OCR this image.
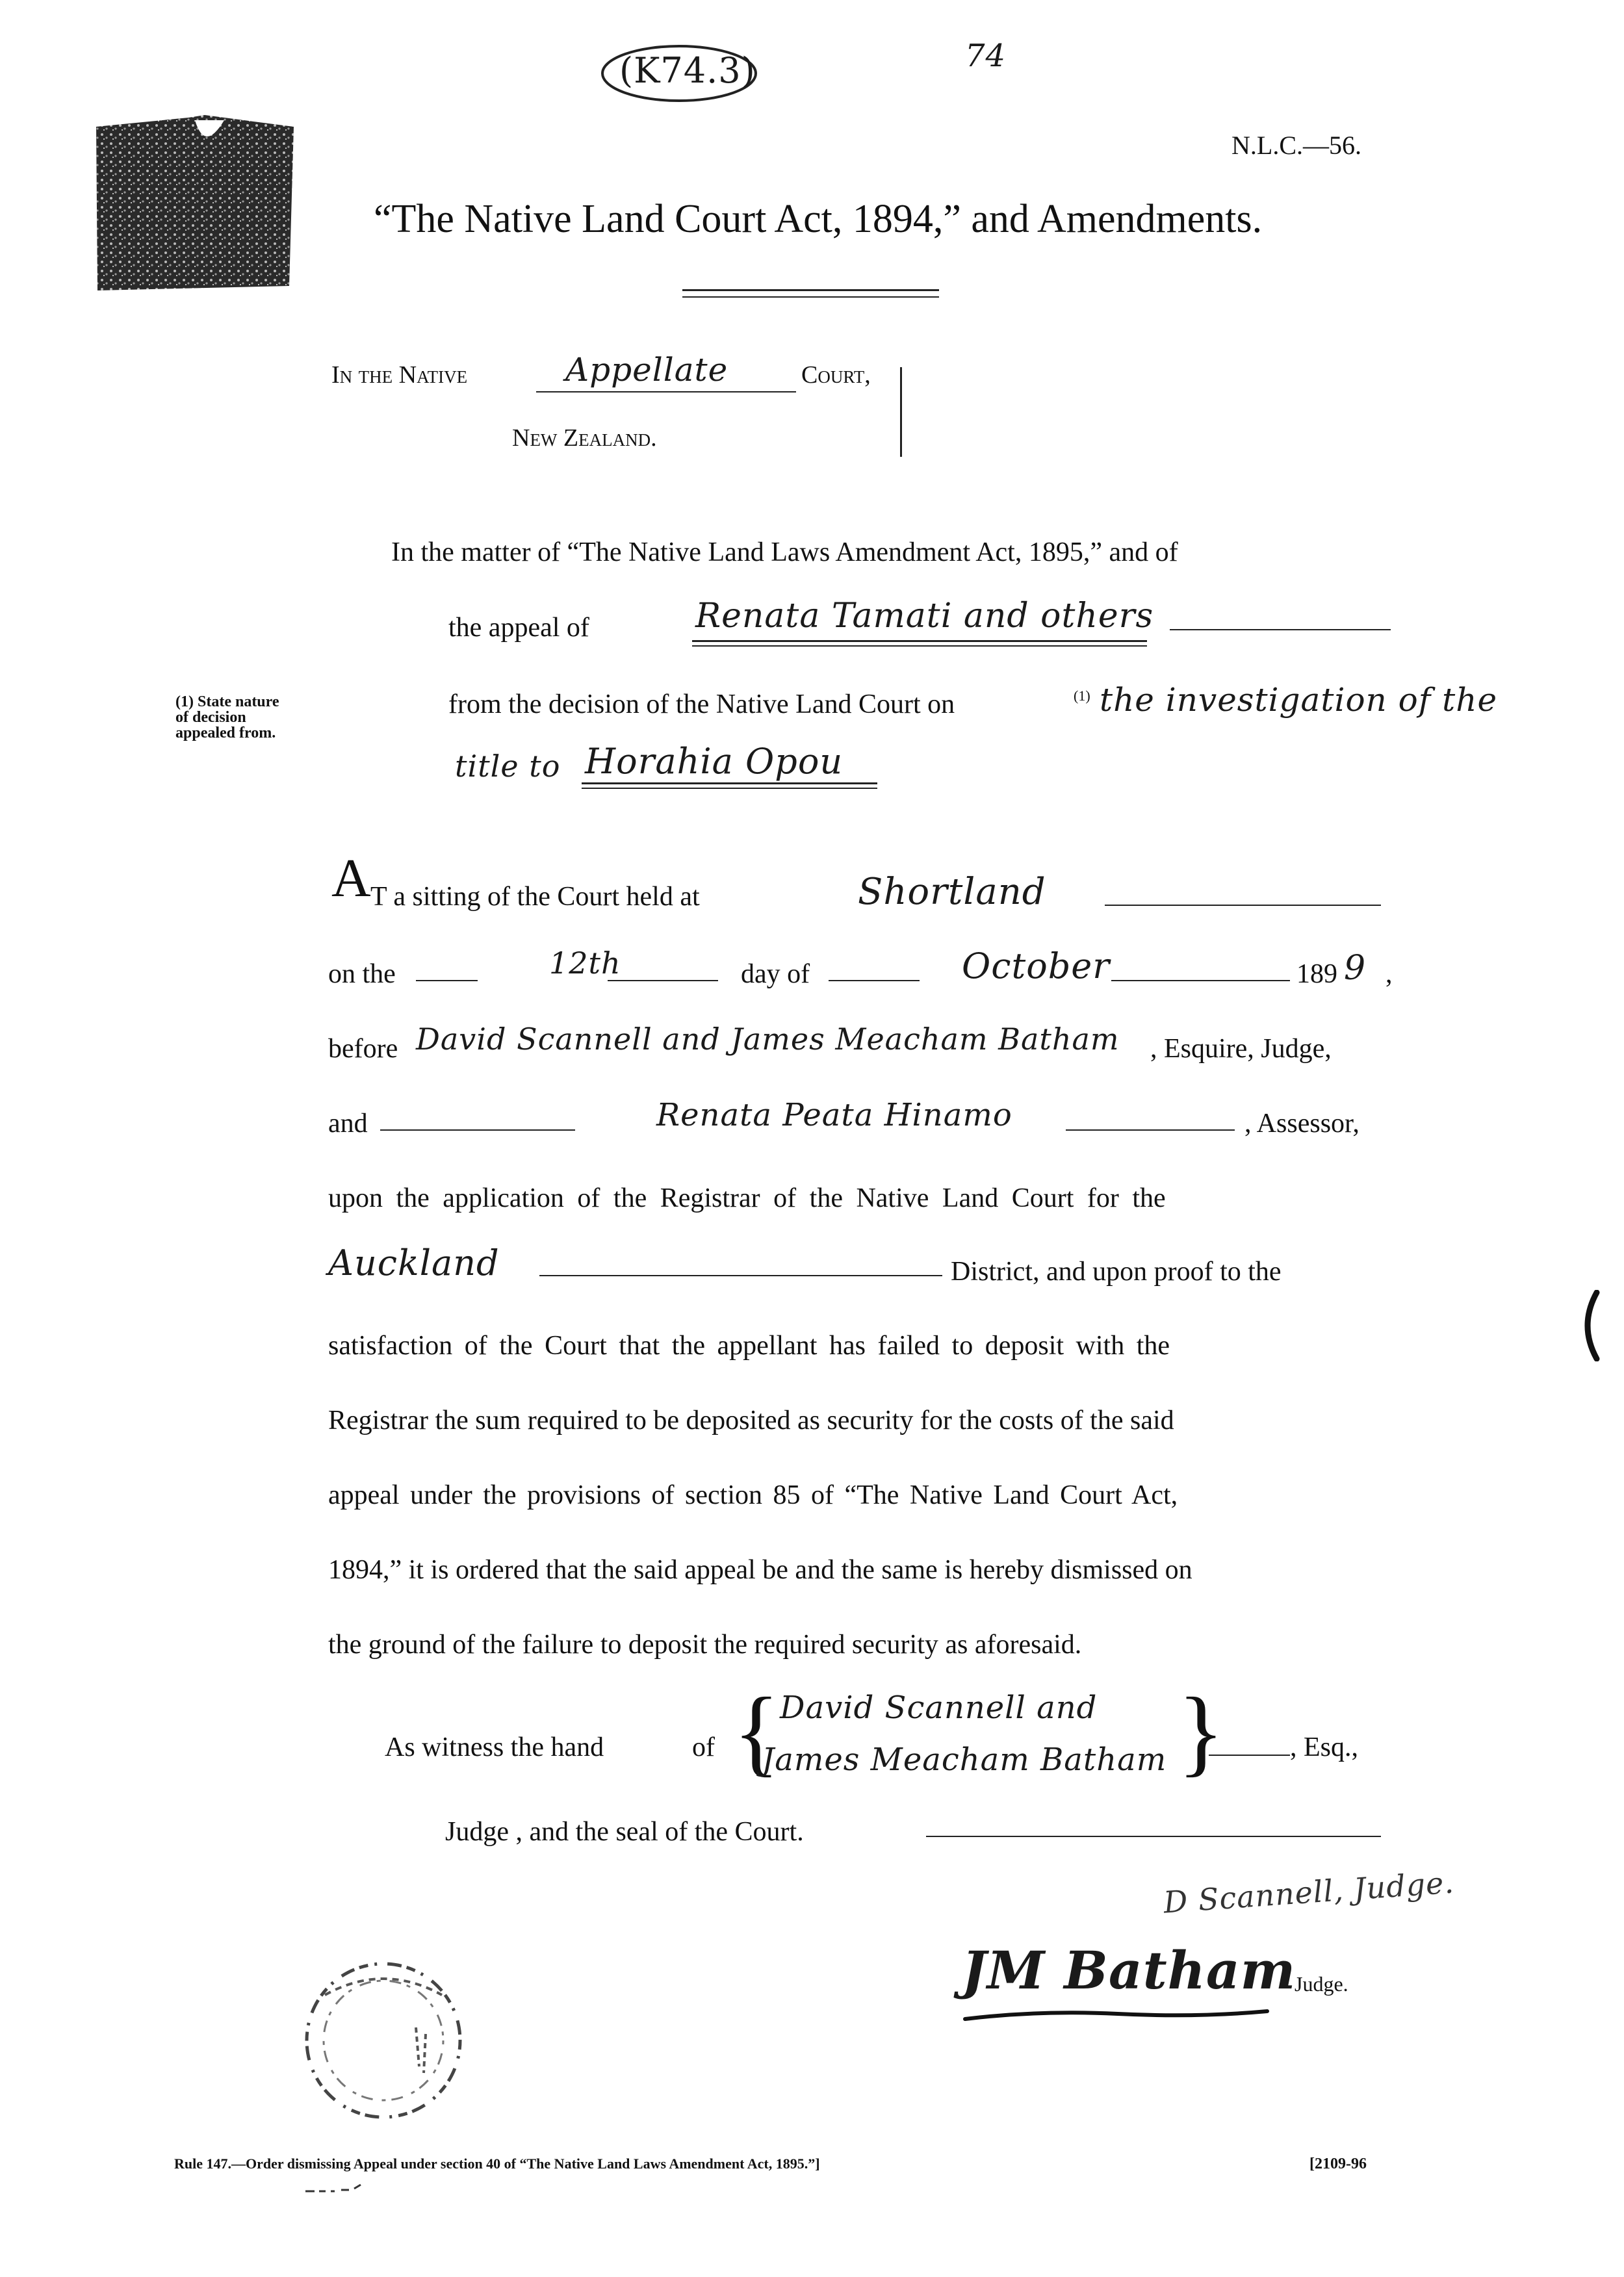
(K74.3)	74
N.L.C.—56.
“The Native Land Court Act, 1894,” and Amendments.
In the Native	Appellate	Court,
New Zealand.
In the matter of “The Native Land Laws Amendment Act, 1895,” and of
the appeal of	Renata Tamati and others
(1) State nature
of decision
appealed from.
from the decision of the Native Land Court on	(1) the investigation of the
title to Horahia Opou
A T a sitting of the Court held at	Shortland
on the	12th	day of	October	189 9 ,
before David Scannell and James Meacham Batham , Esquire, Judge,
and	Renata Peata Hinamo	, Assessor,
upon the application of the Registrar of the Native Land Court for the
Auckland	District, and upon proof to the
satisfaction of the Court that the appellant has failed to deposit with the
Registrar the sum required to be deposited as security for the costs of the said
appeal under the provisions of section 85 of “The Native Land Court Act,
1894,” it is ordered that the said appeal be and the same is hereby dismissed on
the ground of the failure to deposit the required security as aforesaid.
As witness the hand	of { David Scannell and
James Meacham Batham } , Esq.,
Judge , and the seal of the Court.
D Scannell, Judge.
JM Batham
Judge.
Rule 147.—Order dismissing Appeal under section 40 of “The Native Land Laws Amendment Act, 1895.”]	[2109-96
